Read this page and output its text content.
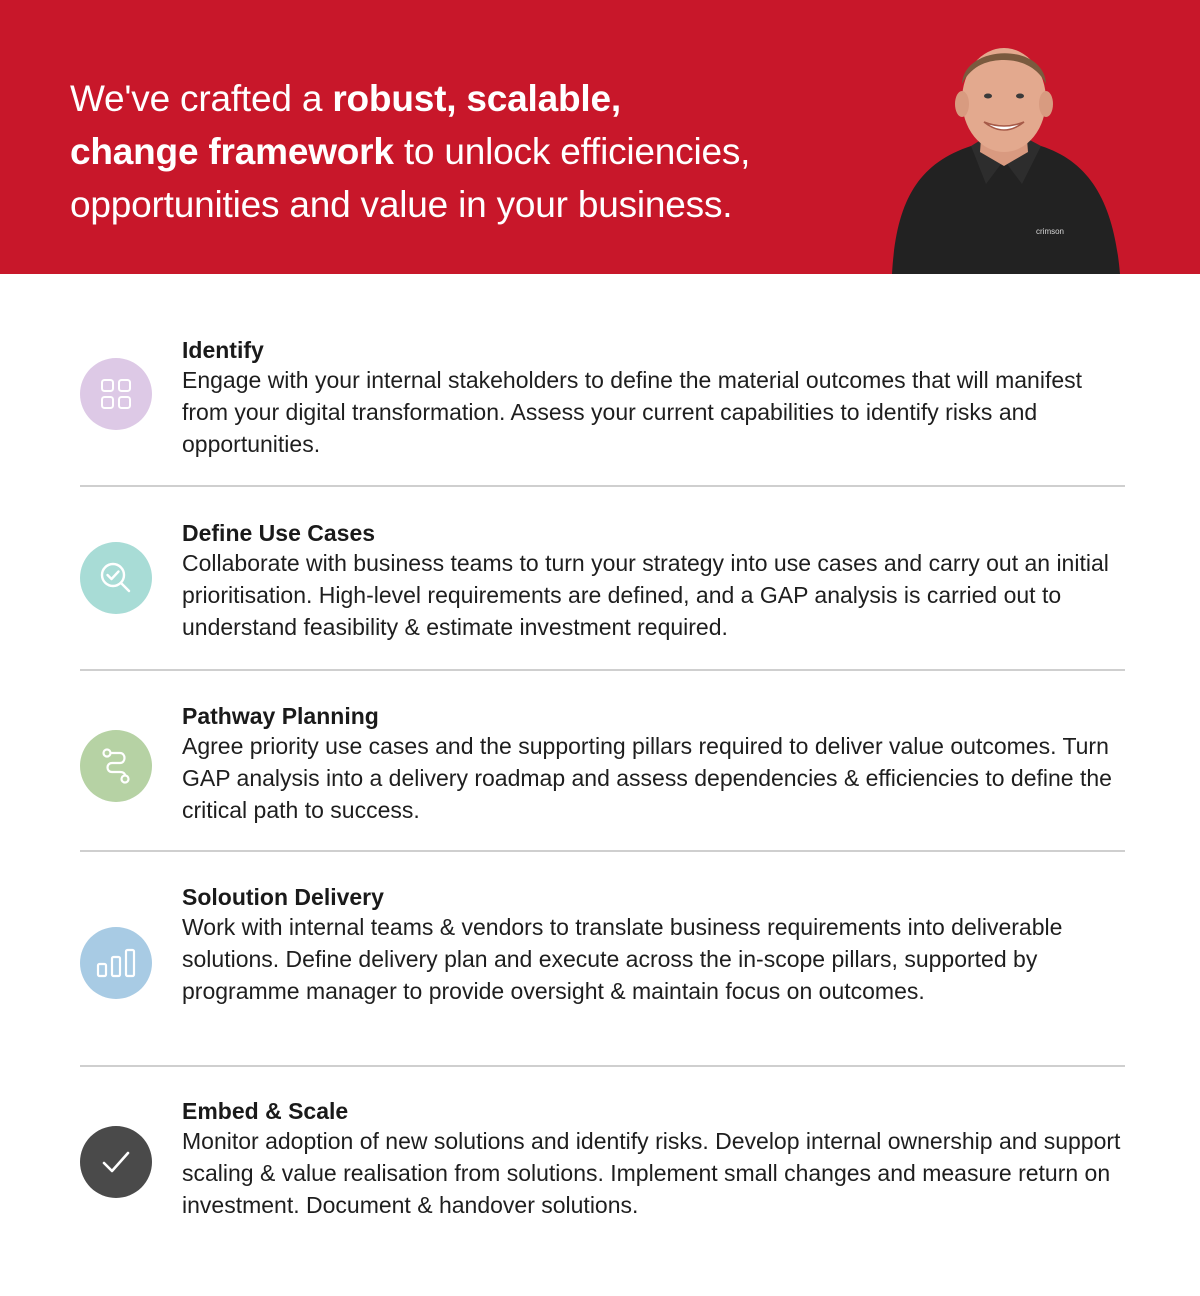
We've crafted a robust, scalable,
change framework to unlock efficiencies,
opportunities and value in your business.
crimson
Identify

Engage with your internal stakeholders to define the material outcomes that will manifest from your digital transformation. Assess your current capabilities to identify risks and opportunities.

Define Use Cases

Collaborate with business teams to turn your strategy into use cases and carry out an initial prioritisation. High-level requirements are defined, and a GAP analysis is carried out to understand feasibility & estimate investment required.

Pathway Planning

Agree priority use cases and the supporting pillars required to deliver value outcomes. Turn GAP analysis into a delivery roadmap and assess dependencies & efficiencies to define the critical path to success.

Soloution Delivery

Work with internal teams & vendors to translate business requirements into deliverable solutions. Define delivery plan and execute across the in-scope pillars, supported by programme manager to provide oversight & maintain focus on outcomes.

Embed & Scale

Monitor adoption of new solutions and identify risks. Develop internal ownership and support scaling & value realisation from solutions. Implement small changes and measure return on investment. Document & handover solutions.
